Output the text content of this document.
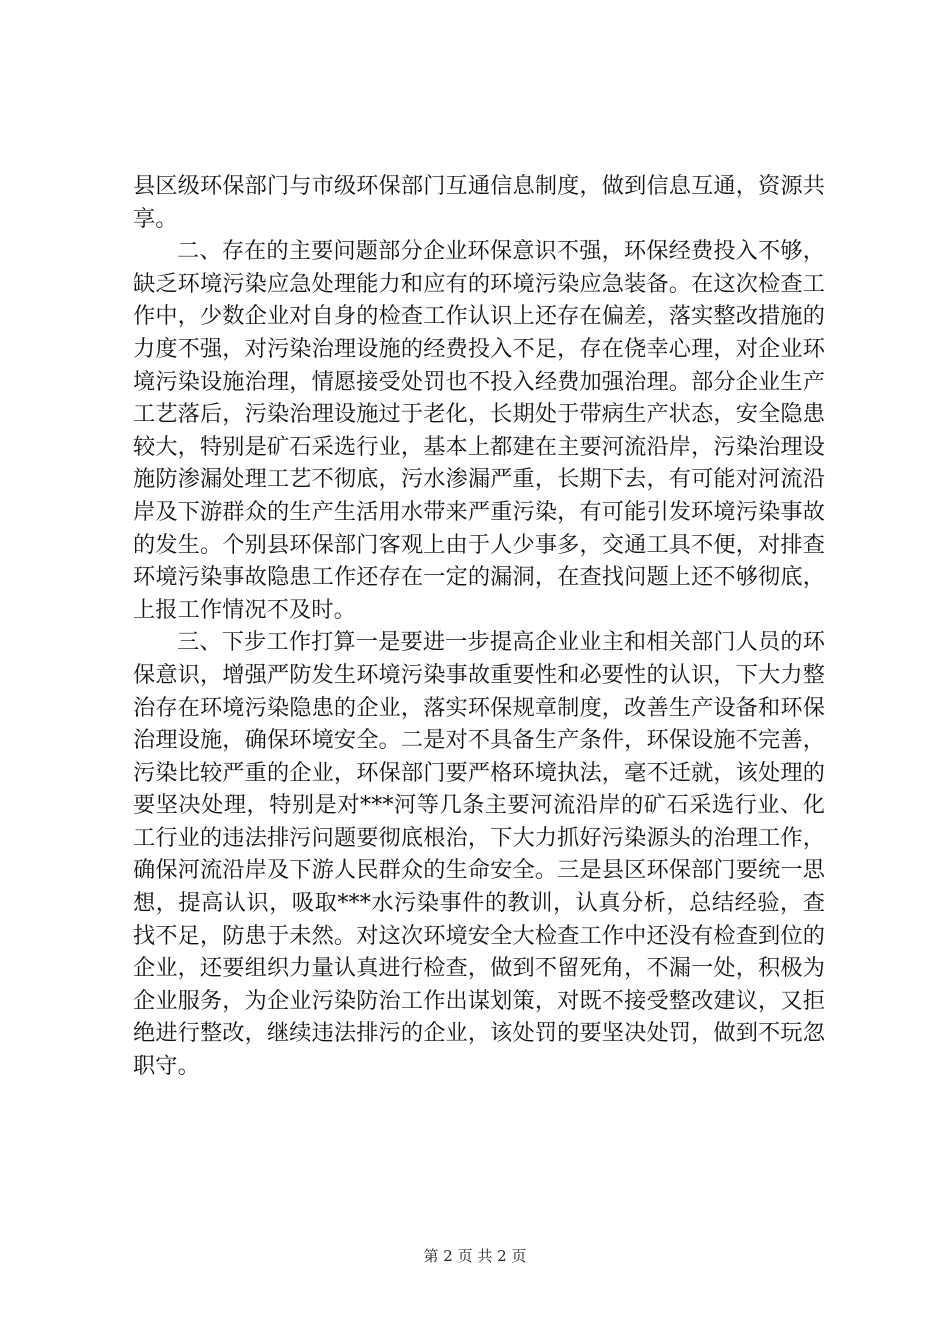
县区级环保部门与市级环保部门互通信息制度，做到信息互通，资源共享。

二、存在的主要问题部分企业环保意识不强，环保经费投入不够，缺乏环境污染应急处理能力和应有的环境污染应急装备。在这次检查工作中，少数企业对自身的检查工作认识上还存在偏差，落实整改措施的力度不强，对污染治理设施的经费投入不足，存在侥幸心理，对企业环境污染设施治理，情愿接受处罚也不投入经费加强治理。部分企业生产工艺落后，污染治理设施过于老化，长期处于带病生产状态，安全隐患较大，特别是矿石采选行业，基本上都建在主要河流沿岸，污染治理设施防渗漏处理工艺不彻底，污水渗漏严重，长期下去，有可能对河流沿岸及下游群众的生产生活用水带来严重污染，有可能引发环境污染事故的发生。个别县环保部门客观上由于人少事多，交通工具不便，对排查环境污染事故隐患工作还存在一定的漏洞，在查找问题上还不够彻底，上报工作情况不及时。

三、下步工作打算一是要进一步提高企业业主和相关部门人员的环保意识，增强严防发生环境污染事故重要性和必要性的认识，下大力整治存在环境污染隐患的企业，落实环保规章制度，改善生产设备和环保治理设施，确保环境安全。二是对不具备生产条件，环保设施不完善，污染比较严重的企业，环保部门要严格环境执法，毫不迁就，该处理的要坚决处理，特别是对***河等几条主要河流沿岸的矿石采选行业、化工行业的违法排污问题要彻底根治，下大力抓好污染源头的治理工作，确保河流沿岸及下游人民群众的生命安全。三是县区环保部门要统一思想，提高认识，吸取***水污染事件的教训，认真分析，总结经验，查找不足，防患于未然。对这次环境安全大检查工作中还没有检查到位的企业，还要组织力量认真进行检查，做到不留死角，不漏一处，积极为企业服务，为企业污染防治工作出谋划策，对既不接受整改建议，又拒绝进行整改，继续违法排污的企业，该处罚的要坚决处罚，做到不玩忽职守。

第 2 页 共 2 页
